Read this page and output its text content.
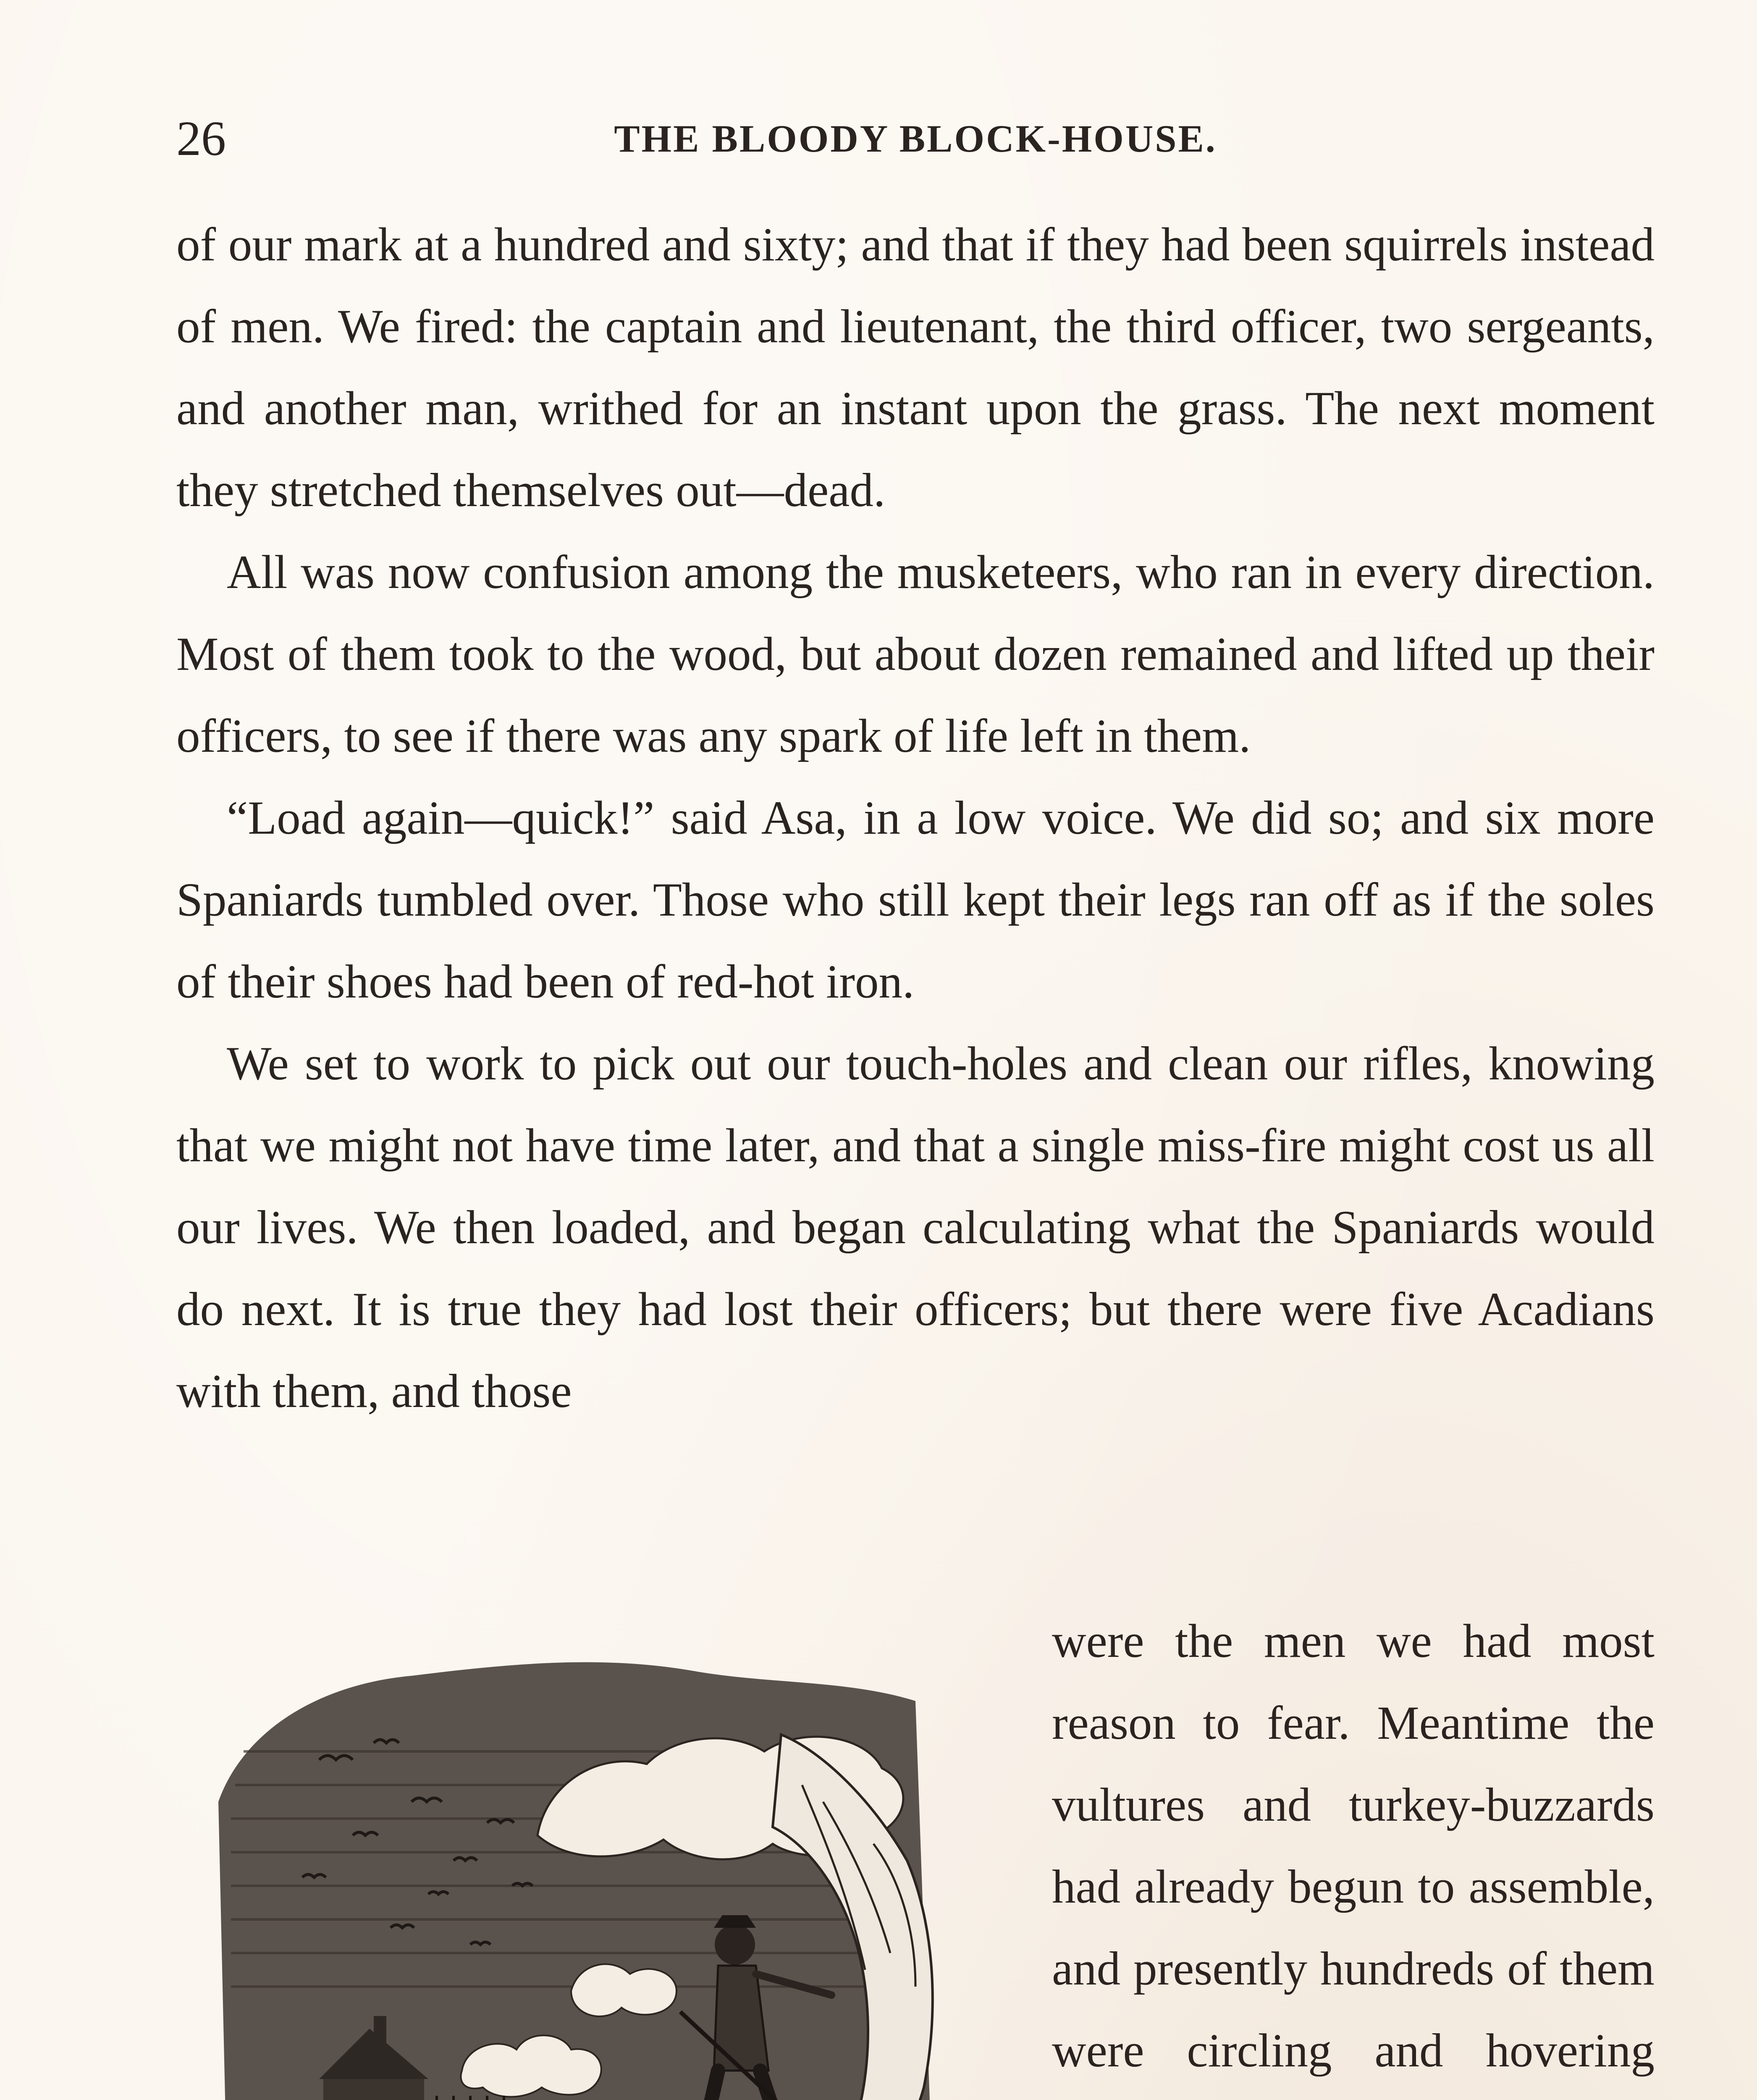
26	THE BLOODY BLOCK-HOUSE.

of our mark at a hundred and sixty; and that if they had been squirrels instead of men. We fired: the captain and lieutenant, the third officer, two sergeants, and another man, writhed for an instant upon the grass. The next moment they stretched themselves out—dead.

All was now confusion among the musketeers, who ran in every direction. Most of them took to the wood, but about dozen remained and lifted up their officers, to see if there was any spark of life left in them.

“Load again—quick!” said Asa, in a low voice. We did so; and six more Spaniards tumbled over. Those who still kept their legs ran off as if the soles of their shoes had been of red-hot iron.

We set to work to pick out our touch-holes and clean our rifles, knowing that we might not have time later, and that a single miss-fire might cost us all our lives. We then loaded, and began calculating what the Spaniards would do next. It is true they had lost their officers; but there were five Acadians with them, and those

were the men we had most reason to fear. Meantime the vultures and turkey-buzzards had already begun to assemble, and presently hundreds of them were circling and hovering
